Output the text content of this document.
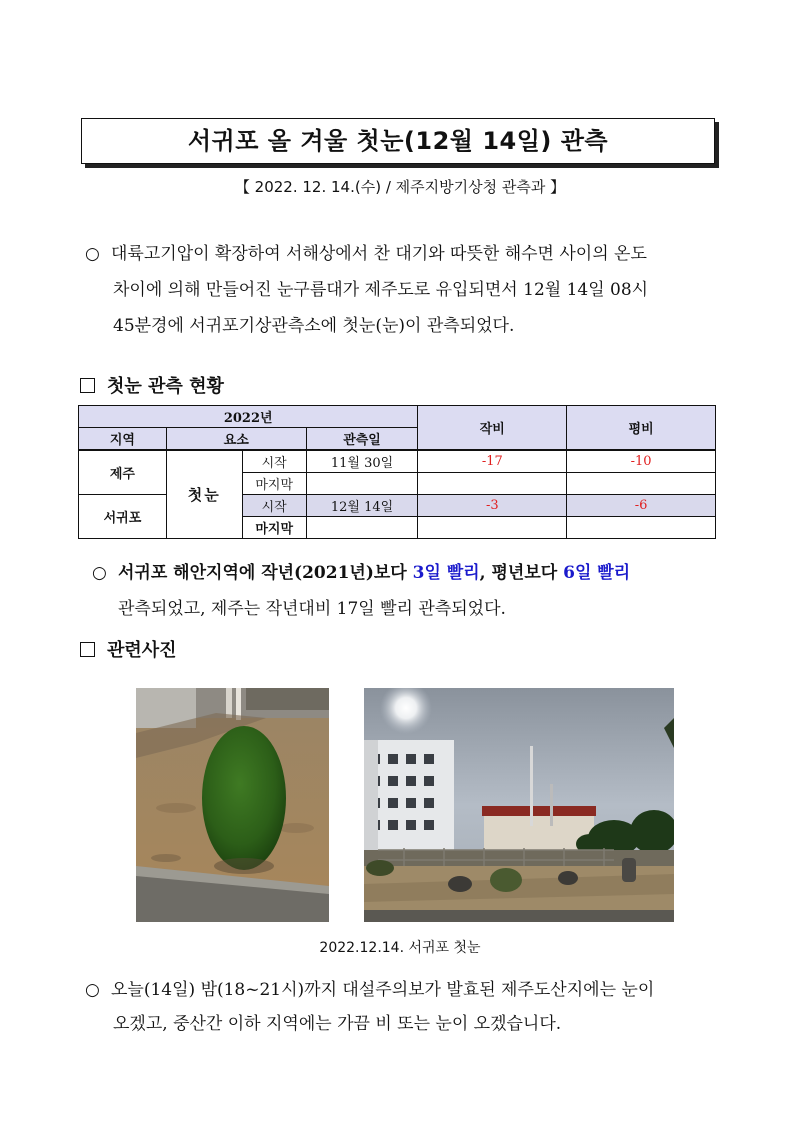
서귀포 올 겨울 첫눈(12월 14일) 관측
【 2022. 12. 14.(수) / 제주지방기상청 관측과 】
○ 대륙고기압이 확장하여 서해상에서 찬 대기와 따뜻한 해수면 사이의 온도
차이에 의해 만들어진 눈구름대가 제주도로 유입되면서 12월 14일 08시
45분경에 서귀포기상관측소에 첫눈(눈)이 관측되었다.
첫눈 관측 현황
2022년				작비	평비
지역	요소		관측일		
제주	첫눈	시작	11월 30일	-17	-10
		마지막			
서귀포		시작	12월 14일	-3	-6
		마지막			
○ 서귀포 해안지역에 작년(2021년)보다 3일 빨리, 평년보다 6일 빨리
관측되었고, 제주는 작년대비 17일 빨리 관측되었다.
관련사진
2022.12.14. 서귀포 첫눈
○ 오늘(14일) 밤(18~21시)까지 대설주의보가 발효된 제주도산지에는 눈이
오겠고, 중산간 이하 지역에는 가끔 비 또는 눈이 오겠습니다.
